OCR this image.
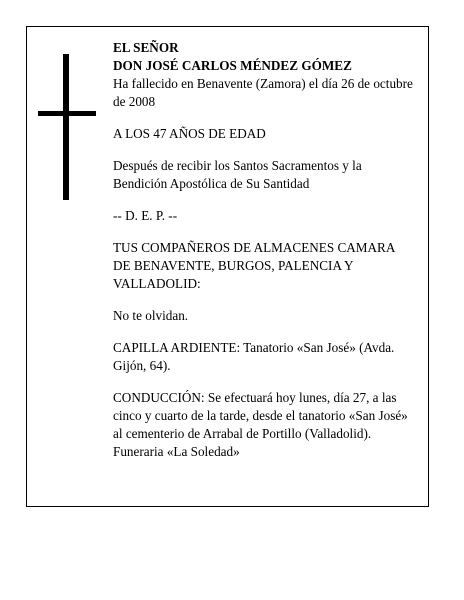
EL SEÑOR
DON JOSÉ CARLOS MÉNDEZ GÓMEZ

Ha fallecido en Benavente (Zamora) el día 26 de octubre de 2008

A LOS 47 AÑOS DE EDAD

Después de recibir los Santos Sacramentos y la Bendición Apostólica de Su Santidad

-- D. E. P. --

TUS COMPAÑEROS DE ALMACENES CAMARA DE BENAVENTE, BURGOS, PALENCIA Y VALLADOLID:

No te olvidan.

CAPILLA ARDIENTE: Tanatorio «San José» (Avda. Gijón, 64).

CONDUCCIÓN: Se efectuará hoy lunes, día 27, a las cinco y cuarto de la tarde, desde el tanatorio «San José» al cementerio de Arrabal de Portillo (Valladolid). Funeraria «La Soledad»
